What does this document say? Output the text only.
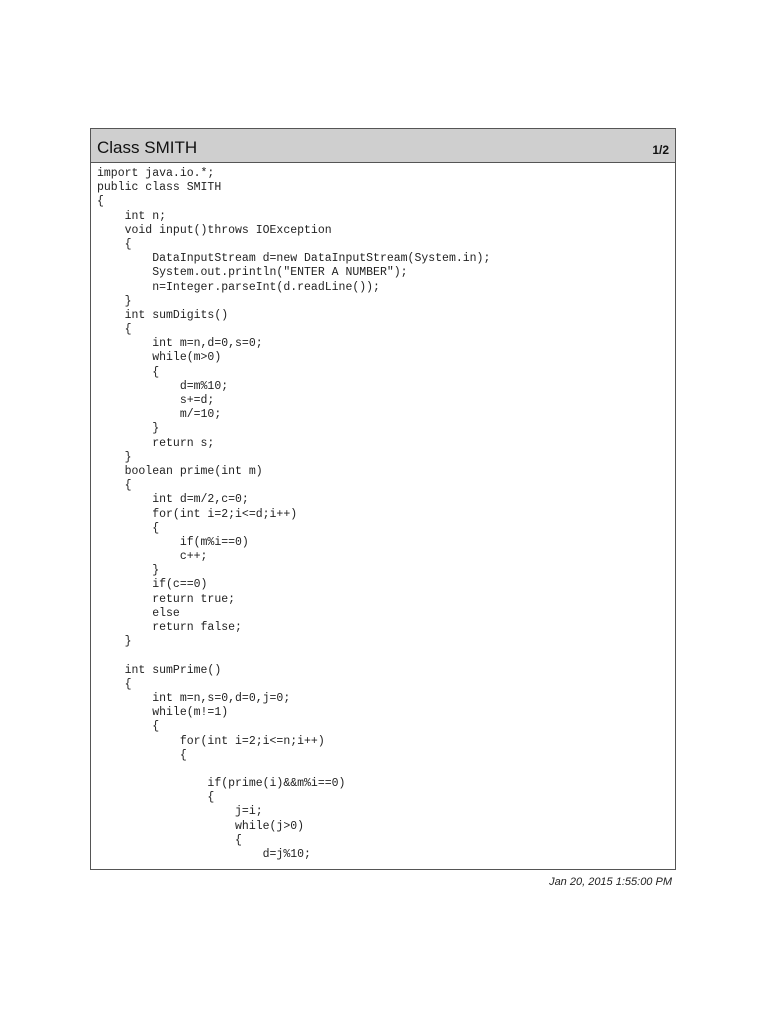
Class SMITH	1/2
import java.io.*;
public class SMITH
{
int n;
void input()throws IOException
{
DataInputStream d=new DataInputStream(System.in);
System.out.println("ENTER A NUMBER");
n=Integer.parseInt(d.readLine());
}
int sumDigits()
{
int m=n,d=0,s=0;
while(m>0)
{
d=m%10;
s+=d;
m/=10;
}
return s;
}
boolean prime(int m)
{
int d=m/2,c=0;
for(int i=2;i<=d;i++)
{
if(m%i==0)
c++;
}
if(c==0)
return true;
else
return false;
}
int sumPrime()
{
int m=n,s=0,d=0,j=0;
while(m!=1)
{
for(int i=2;i<=n;i++)
{
if(prime(i)&&m%i==0)
{
j=i;
while(j>0)
{
d=j%10;
Jan 20, 2015 1:55:00 PM
